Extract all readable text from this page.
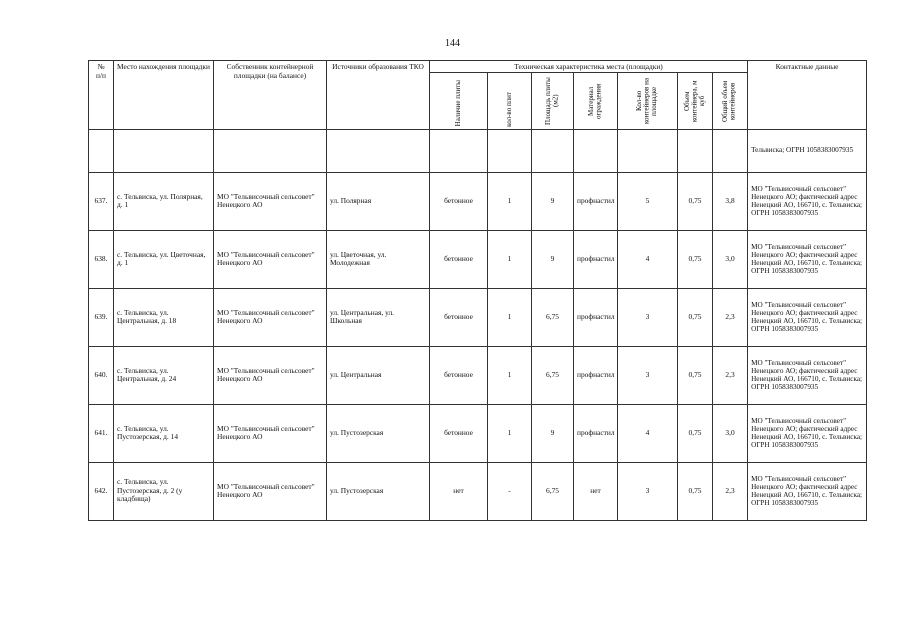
144
№
п/п	Место нахождения площадки	Собственник контейнерной площадки (на балансе)	Источники образования ТКО	Техническая характеристика места (площадки)							Контактные данные

				Наличие плиты	кол-во плит	Площадь плиты (м2)	Материал ограждения	Кол-во контейнеров на площадке	Объем контейнера, м куб	Общий объем контейнеров	

											Тельвиска; ОГРН 1058383007935
637.	с. Тельвиска, ул. Полярная, д. 1	МО "Тельвисочный сельсовет" Ненецкого АО	ул. Полярная	бетонное	1	9	профнастил	5	0,75	3,8	МО "Тельвисочный сельсовет" Ненецкого АО; фактический адрес Ненецкий АО, 166710, с. Тельвиска; ОГРН 1058383007935
638.	с. Тельвиска, ул. Цветочная, д. 1	МО "Тельвисочный сельсовет" Ненецкого АО	ул. Цветочная, ул. Молодежная	бетонное	1	9	профнастил	4	0,75	3,0	МО "Тельвисочный сельсовет" Ненецкого АО; фактический адрес Ненецкий АО, 166710, с. Тельвиска; ОГРН 1058383007935
639.	с. Тельвиска, ул. Центральная, д. 18	МО "Тельвисочный сельсовет" Ненецкого АО	ул. Центральная, ул. Школьная	бетонное	1	6,75	профнастил	3	0,75	2,3	МО "Тельвисочный сельсовет" Ненецкого АО; фактический адрес Ненецкий АО, 166710, с. Тельвиска; ОГРН 1058383007935
640.	с. Тельвиска, ул. Центральная, д. 24	МО "Тельвисочный сельсовет" Ненецкого АО	ул. Центральная	бетонное	1	6,75	профнастил	3	0,75	2,3	МО "Тельвисочный сельсовет" Ненецкого АО; фактический адрес Ненецкий АО, 166710, с. Тельвиска; ОГРН 1058383007935
641.	с. Тельвиска, ул. Пустозерская, д. 14	МО "Тельвисочный сельсовет" Ненецкого АО	ул. Пустозерская	бетонное	1	9	профнастил	4	0,75	3,0	МО "Тельвисочный сельсовет" Ненецкого АО; фактический адрес Ненецкий АО, 166710, с. Тельвиска; ОГРН 1058383007935
642.	с. Тельвиска, ул. Пустозерская, д. 2 (у кладбища)	МО "Тельвисочный сельсовет" Ненецкого АО	ул. Пустозерская	нет	-	6,75	нет	3	0,75	2,3	МО "Тельвисочный сельсовет" Ненецкого АО; фактический адрес Ненецкий АО, 166710, с. Тельвиска; ОГРН 1058383007935
